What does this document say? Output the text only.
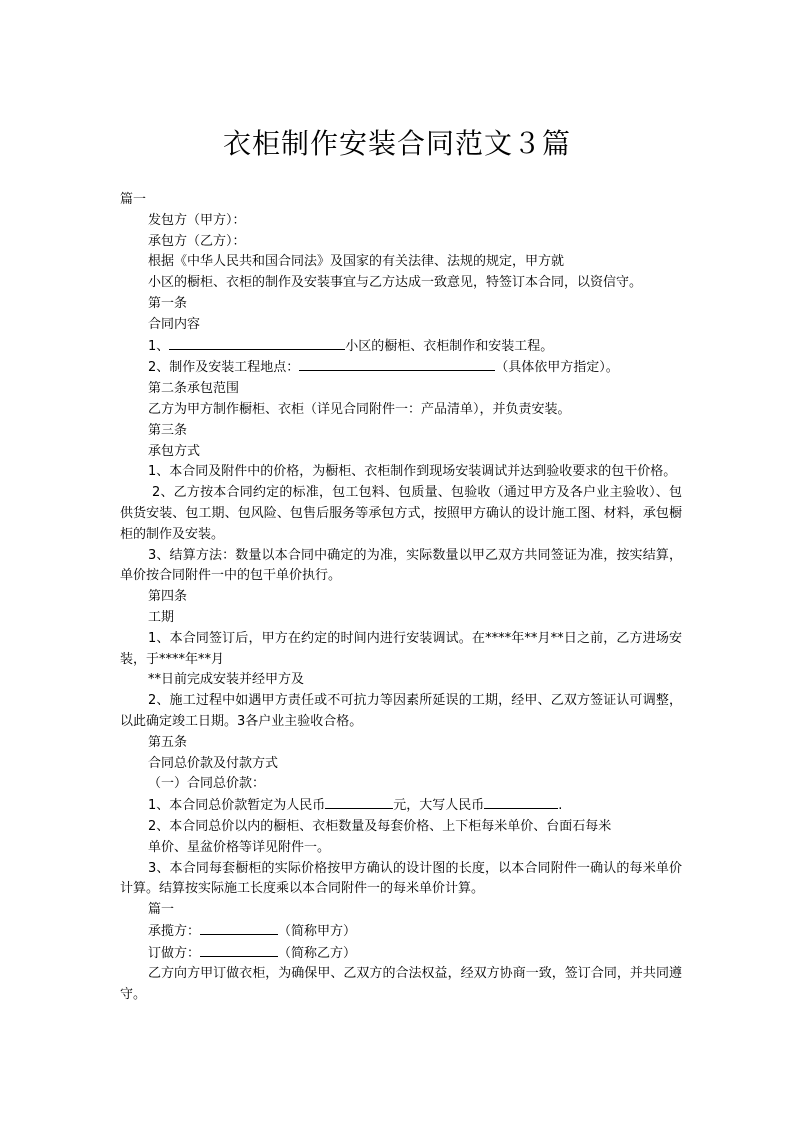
衣柜制作安装合同范文３篇

篇一

发包方（甲方）：

承包方（乙方）：

根据《中华人民共和国合同法》及国家的有关法律、法规的规定，甲方就

小区的橱柜、衣柜的制作及安装事宜与乙方达成一致意见，特签订本合同，以资信守。

第一条

合同内容

1、	小区的橱柜、衣柜制作和安装工程。

2、制作及安装工程地点：	（具体依甲方指定）。

第二条承包范围

乙方为甲方制作橱柜、衣柜（详见合同附件一：产品清单），并负责安装。

第三条

承包方式

1、本合同及附件中的价格，为橱柜、衣柜制作到现场安装调试并达到验收要求的包干价格。

2、乙方按本合同约定的标准，包工包料、包质量、包验收（通过甲方及各户业主验收）、包供货安装、包工期、包风险、包售后服务等承包方式，按照甲方确认的设计施工图、材料，承包橱柜的制作及安装。

3、结算方法：数量以本合同中确定的为准，实际数量以甲乙双方共同签证为准，按实结算，单价按合同附件一中的包干单价执行。

第四条

工期

1、本合同签订后，甲方在约定的时间内进行安装调试。在****年**月**日之前，乙方进场安装，于****年**月

**日前完成安装并经甲方及

2、施工过程中如遇甲方责任或不可抗力等因素所延误的工期，经甲、乙双方签证认可调整，以此确定竣工日期。3各户业主验收合格。

第五条

合同总价款及付款方式

（一）合同总价款：

1、本合同总价款暂定为人民币	元，大写人民币	.

2、本合同总价以内的橱柜、衣柜数量及每套价格、上下柜每米单价、台面石每米

单价、星盆价格等详见附件一。

3、本合同每套橱柜的实际价格按甲方确认的设计图的长度，以本合同附件一确认的每米单价计算。结算按实际施工长度乘以本合同附件一的每米单价计算。

篇一

承揽方：	（简称甲方）

订做方：	（简称乙方）

乙方向方甲订做衣柜，为确保甲、乙双方的合法权益，经双方协商一致，签订合同，并共同遵守。
